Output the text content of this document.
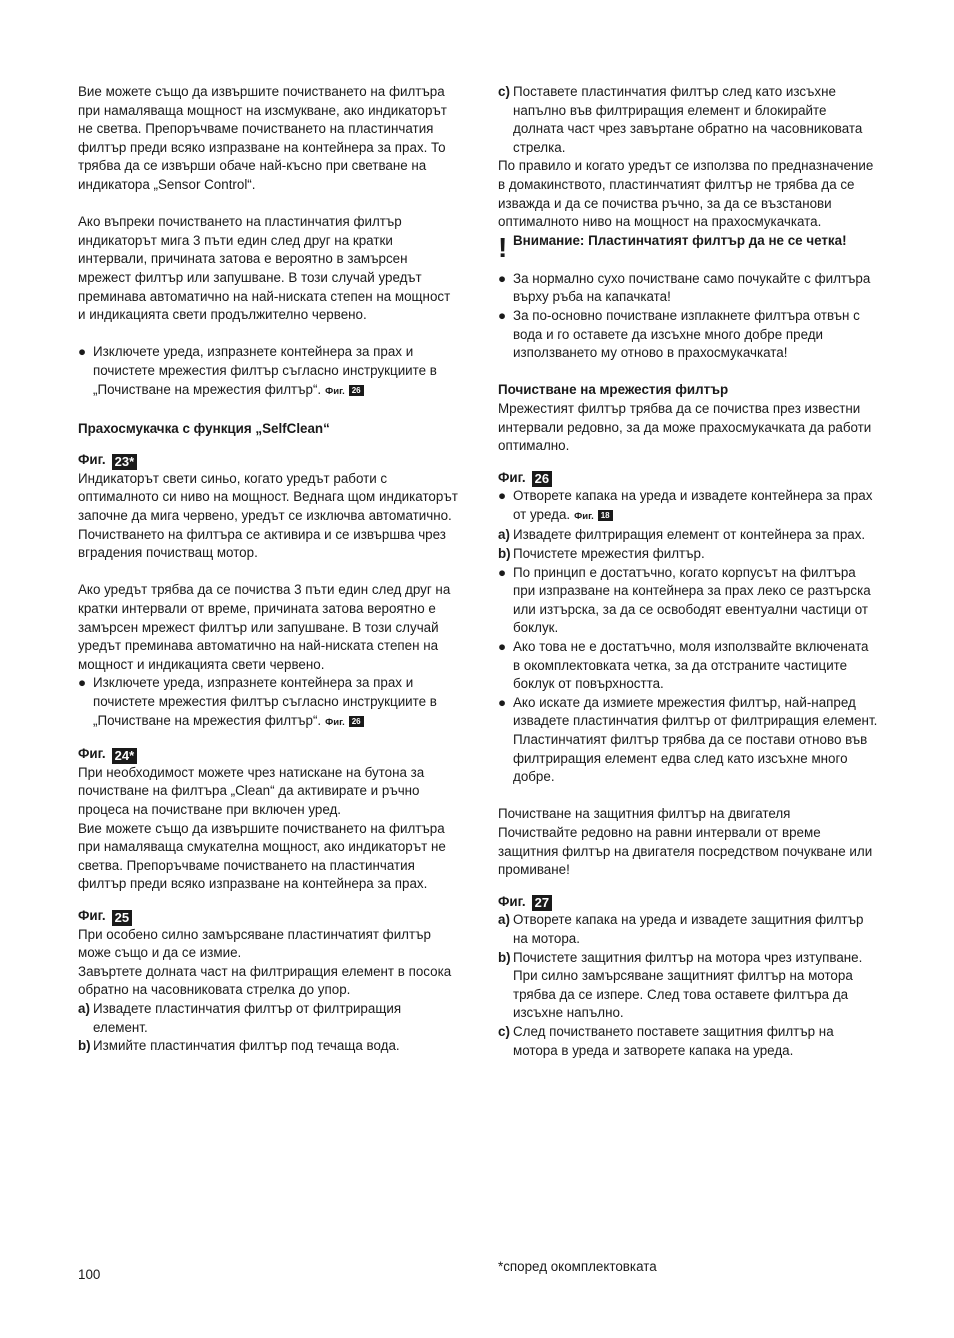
Вие можете също да извършите почистването на филтъра при намаляваща мощност на изсмукване, ако индикаторът не светва. Препоръчваме почистването на пластинчатия филтър преди всяко изпразване на контейнера за прах. То трябва да се извърши обаче най-късно при светване на индикатора „Sensor Control“.

Ако въпреки почистването на пластинчатия филтър индикаторът мига 3 пъти един след друг на кратки интервали, причината затова е вероятно в замърсен мрежест филтър или запушване. В този случай уредът преминава автоматично на най-ниската степен на мощност и индикацията свети продължително червено.

● Изключете уреда, изпразнете контейнера за прах и почистете мрежестия филтър съгласно инструкциите в „Почистване на мрежестия филтър“. Фиг. 26

Прахосмукачка с функция „SelfClean“

Фиг. 23*

Индикаторът свети синьо, когато уредът работи с оптималното си ниво на мощност. Веднага щом индикаторът започне да мига червено, уредът се изключва автоматично.

Почистването на филтъра се активира и се извършва чрез вградения почистващ мотор.

Ако уредът трябва да се почиства 3 пъти един след друг на кратки интервали от време, причината затова вероятно е замърсен мрежест филтър или запушване. В този случай уредът преминава автоматично на най-ниската степен на мощност и индикацията свети червено.

● Изключете уреда, изпразнете контейнера за прах и почистете мрежестия филтър съгласно инструкциите в „Почистване на мрежестия филтър“. Фиг. 26
Фиг. 24*

При необходимост можете чрез натискане на бутона за почистване на филтъра „Clean“ да активирате и ръчно процеса на почистване при включен уред.

Вие можете също да извършите почистването на филтъра при намаляваща смукателна мощност, ако индикаторът не светва. Препоръчваме почистването на пластинчатия филтър преди всяко изпразване на контейнера за прах.

Фиг. 25

При особено силно замърсяване пластинчатият филтър може също и да се измие.

Завъртете долната част на филтриращия елемент в посока обратно на часовниковата стрелка до упор.

a) Извадете пластинчатия филтър от филтриращия елемент.
b) Измийте пластинчатия филтър под течаща вода.
c) Поставете пластинчатия филтър след като изсъхне напълно във филтриращия елемент и блокирайте долната част чрез завъртане обратно на часовниковата стрелка.

По правило и когато уредът се използва по предназначение в домакинството, пластинчатият филтър не трябва да се изважда и да се почиства ръчно, за да се възстанови оптималното ниво на мощност на прахосмукачката.

! Внимание: Пластинчатият филтър да не се четка!
● За нормално сухо почистване само почукайте с филтъра върху ръба на капачката!
● За по-основно почистване изплакнете филтъра отвън с вода и го оставете да изсъхне много добре преди използването му отново в прахосмукачката!

Почистване на мрежестия филтър

Мрежестият филтър трябва да се почиства през известни интервали редовно, за да може прахосмукачката да работи оптимално.

Фиг. 26
● Отворете капака на уреда и извадете контейнера за прах от уреда. Фиг. 18
a) Извадете филтриращия елемент от контейнера за прах.
b) Почистете мрежестия филтър.
● По принцип е достатъчно, когато корпусът на филтъра при изпразване на контейнера за прах леко се разтърска или изтърска, за да се освободят евентуални частици от боклук.
● Ако това не е достатъчно, моля използвайте включената в окомплектовката четка, за да отстраните частиците боклук от повърхността.
● Ако искате да измиете мрежестия филтър, най-напред извадете пластинчатия филтър от филтриращия елемент. Пластинчатият филтър трябва да се постави отново във филтриращия елемент едва след като изсъхне много добре.

Почистване на защитния филтър на двигателя

Почиствайте редовно на равни интервали от време защитния филтър на двигателя посредством почукване или промиване!

Фиг. 27
a) Отворете капака на уреда и извадете защитния филтър на мотора.
b) Почистете защитния филтър на мотора чрез изтупване. При силно замърсяване защитният филтър на мотора трябва да се изпере. След това оставете филтъра да изсъхне напълно.
c) След почистването поставете защитния филтър на мотора в уреда и затворете капака на уреда.
100
*според окомплектовката
